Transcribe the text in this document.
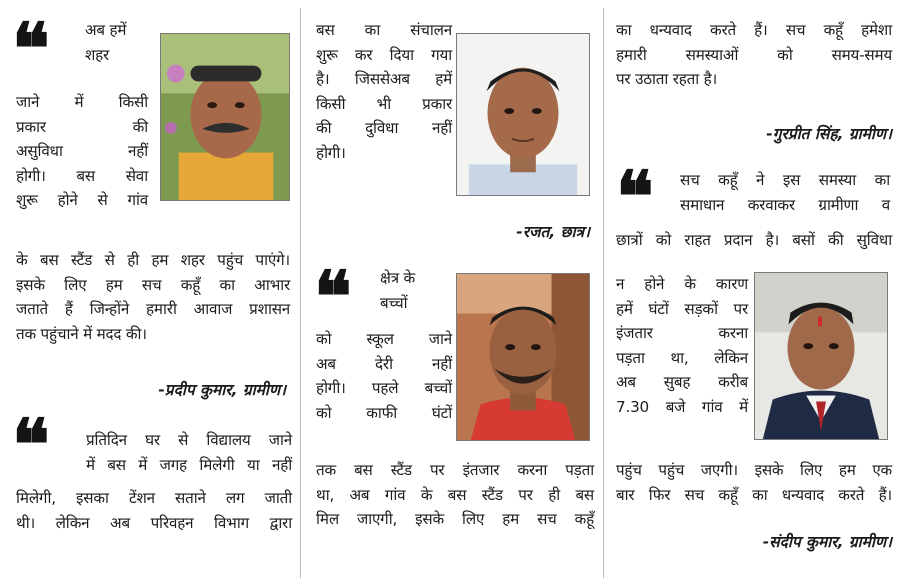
❝	अब हमें

शहर

जाने में किसी

प्रकार की

असुविधा नहीं

होगी। बस सेवा

शुरू होने से गांव

के बस स्टैंड से ही हम शहर पहुंच पाएंगे।

इसके लिए हम सच कहूँ का आभार

जताते हैं जिन्होंने हमारी आवाज प्रशासन

तक पहुंचाने में मदद की।

-प्रदीप कुमार, ग्रामीण।
❝	प्रतिदिन घर से विद्यालय जाने

में बस में जगह मिलेगी या नहीं

मिलेगी, इसका टेंशन सताने लग जाती

थी। लेकिन अब परिवहन विभाग द्वारा

बस का संचालन

शुरू कर दिया गया

है। जिससेअब हमें

किसी भी प्रकार

की दुविधा नहीं

होगी।

-रजत, छात्र।
❝ क्षेत्र के

बच्चों

को स्कूल जाने

अब देरी नहीं

होगी। पहले बच्चों

को काफी घंटों

तक बस स्टैंड पर इंतजार करना पड़ता

था, अब गांव के बस स्टैंड पर ही बस

मिल जाएगी, इसके लिए हम सच कहूँ

का धन्यवाद करते हैं। सच कहूँ हमेशा

हमारी समस्याओं को समय-समय

पर उठाता रहता है।

-गुरप्रीत सिंह, ग्रामीण।
❝ सच कहूँ ने इस समस्या का

समाधान करवाकर ग्रामीणा व

छात्रों को राहत प्रदान है। बसों की सुविधा

न होने के कारण

हमें घंटों सड़कों पर

इंजतार करना

पड़ता था, लेकिन

अब सुबह करीब

7.30 बजे गांव में

पहुंच पहुंच जएगी। इसके लिए हम एक

बार फिर सच कहूँ का धन्यवाद करते हैं।

-संदीप कुमार, ग्रामीण।
